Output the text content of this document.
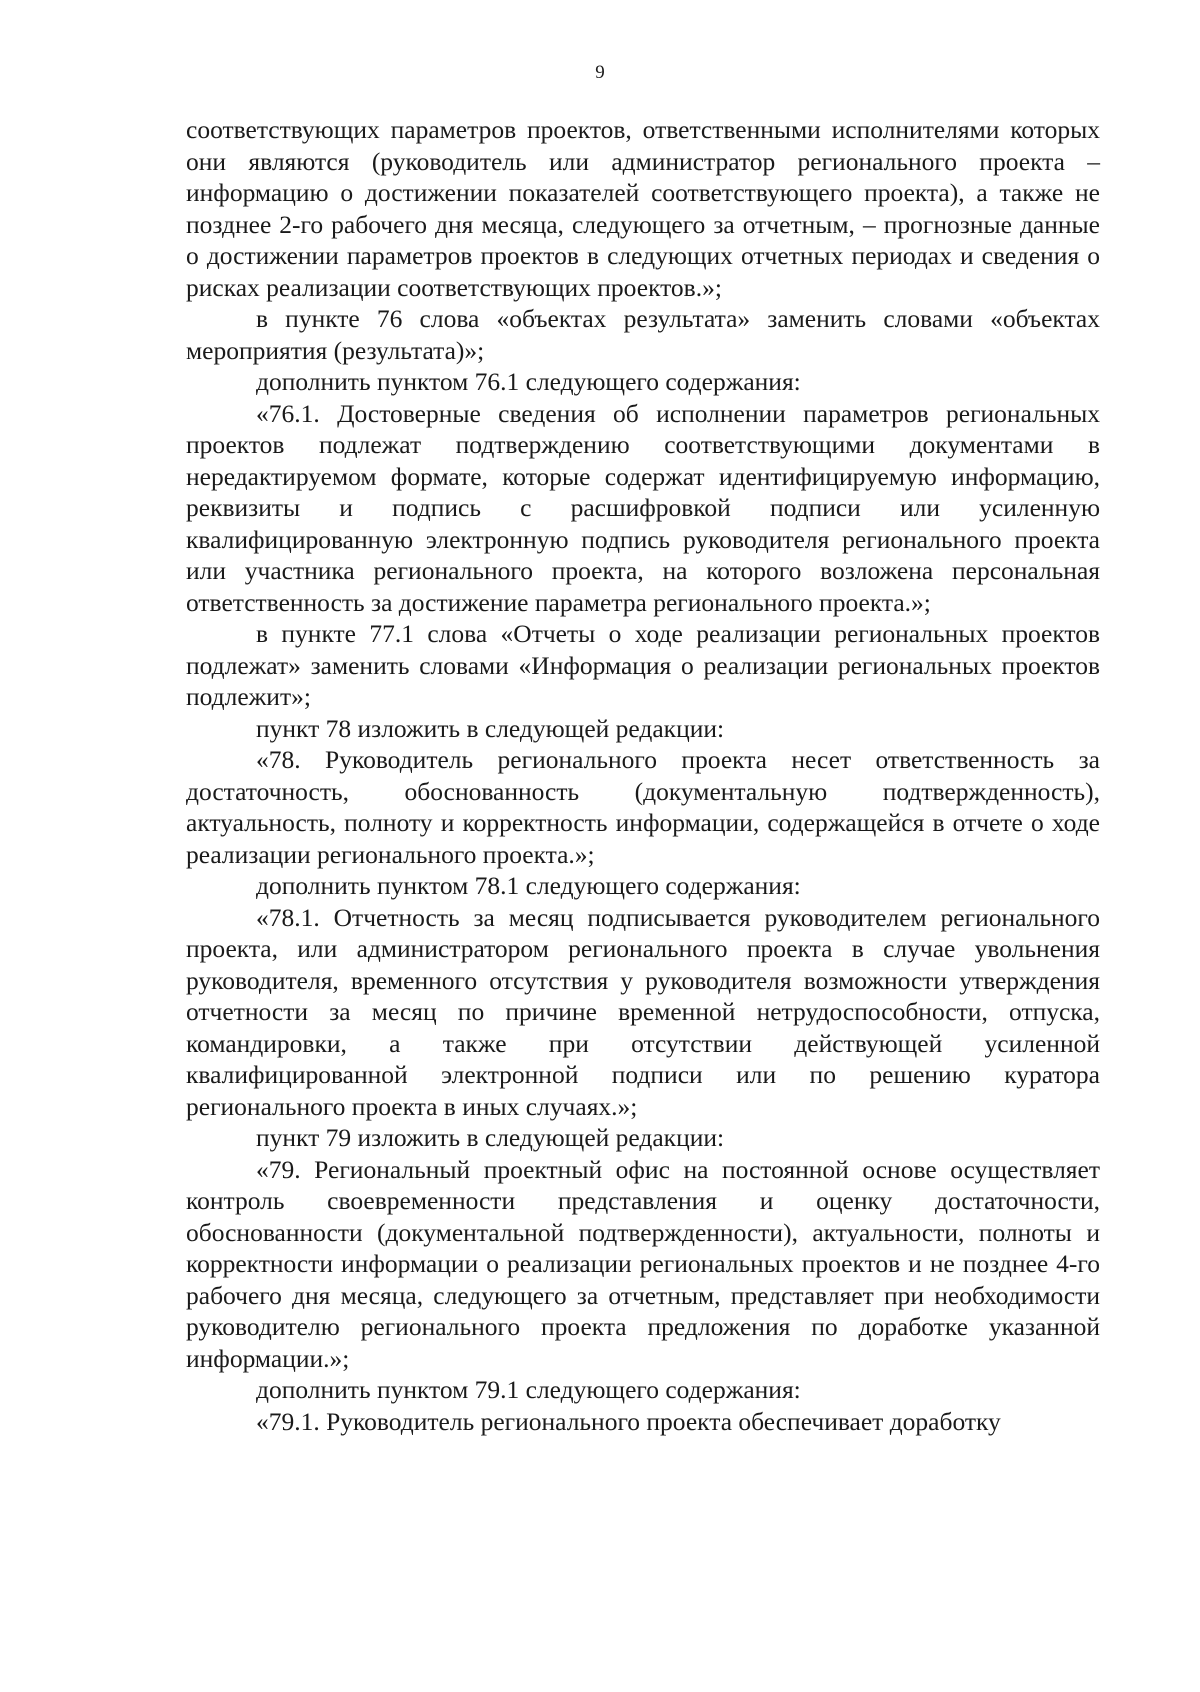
9

соответствующих параметров проектов, ответственными исполнителями которых они являются (руководитель или администратор регионального проекта – информацию о достижении показателей соответствующего проекта), а также не позднее 2-го рабочего дня месяца, следующего за отчетным, – прогнозные данные о достижении параметров проектов в следующих отчетных периодах и сведения о рисках реализации соответствующих проектов.»;

в пункте 76 слова «объектах результата» заменить словами «объектах мероприятия (результата)»;

дополнить пунктом 76.1 следующего содержания:

«76.1. Достоверные сведения об исполнении параметров региональных проектов подлежат подтверждению соответствующими документами в нередактируемом формате, которые содержат идентифицируемую информацию, реквизиты и подпись с расшифровкой подписи или усиленную квалифицированную электронную подпись руководителя регионального проекта или участника регионального проекта, на которого возложена персональная ответственность за достижение параметра регионального проекта.»;

в пункте 77.1 слова «Отчеты о ходе реализации региональных проектов подлежат» заменить словами «Информация о реализации региональных проектов подлежит»;

пункт 78 изложить в следующей редакции:

«78. Руководитель регионального проекта несет ответственность за достаточность, обоснованность (документальную подтвержденность), актуальность, полноту и корректность информации, содержащейся в отчете о ходе реализации регионального проекта.»;

дополнить пунктом 78.1 следующего содержания:

«78.1. Отчетность за месяц подписывается руководителем регионального проекта, или администратором регионального проекта в случае увольнения руководителя, временного отсутствия у руководителя возможности утверждения отчетности за месяц по причине временной нетрудоспособности, отпуска, командировки, а также при отсутствии действующей усиленной квалифицированной электронной подписи или по решению куратора регионального проекта в иных случаях.»;

пункт 79 изложить в следующей редакции:

«79. Региональный проектный офис на постоянной основе осуществляет контроль своевременности представления и оценку достаточности, обоснованности (документальной подтвержденности), актуальности, полноты и корректности информации о реализации региональных проектов и не позднее 4-го рабочего дня месяца, следующего за отчетным, представляет при необходимости руководителю регионального проекта предложения по доработке указанной информации.»;

дополнить пунктом 79.1 следующего содержания:

«79.1. Руководитель регионального проекта обеспечивает доработку
